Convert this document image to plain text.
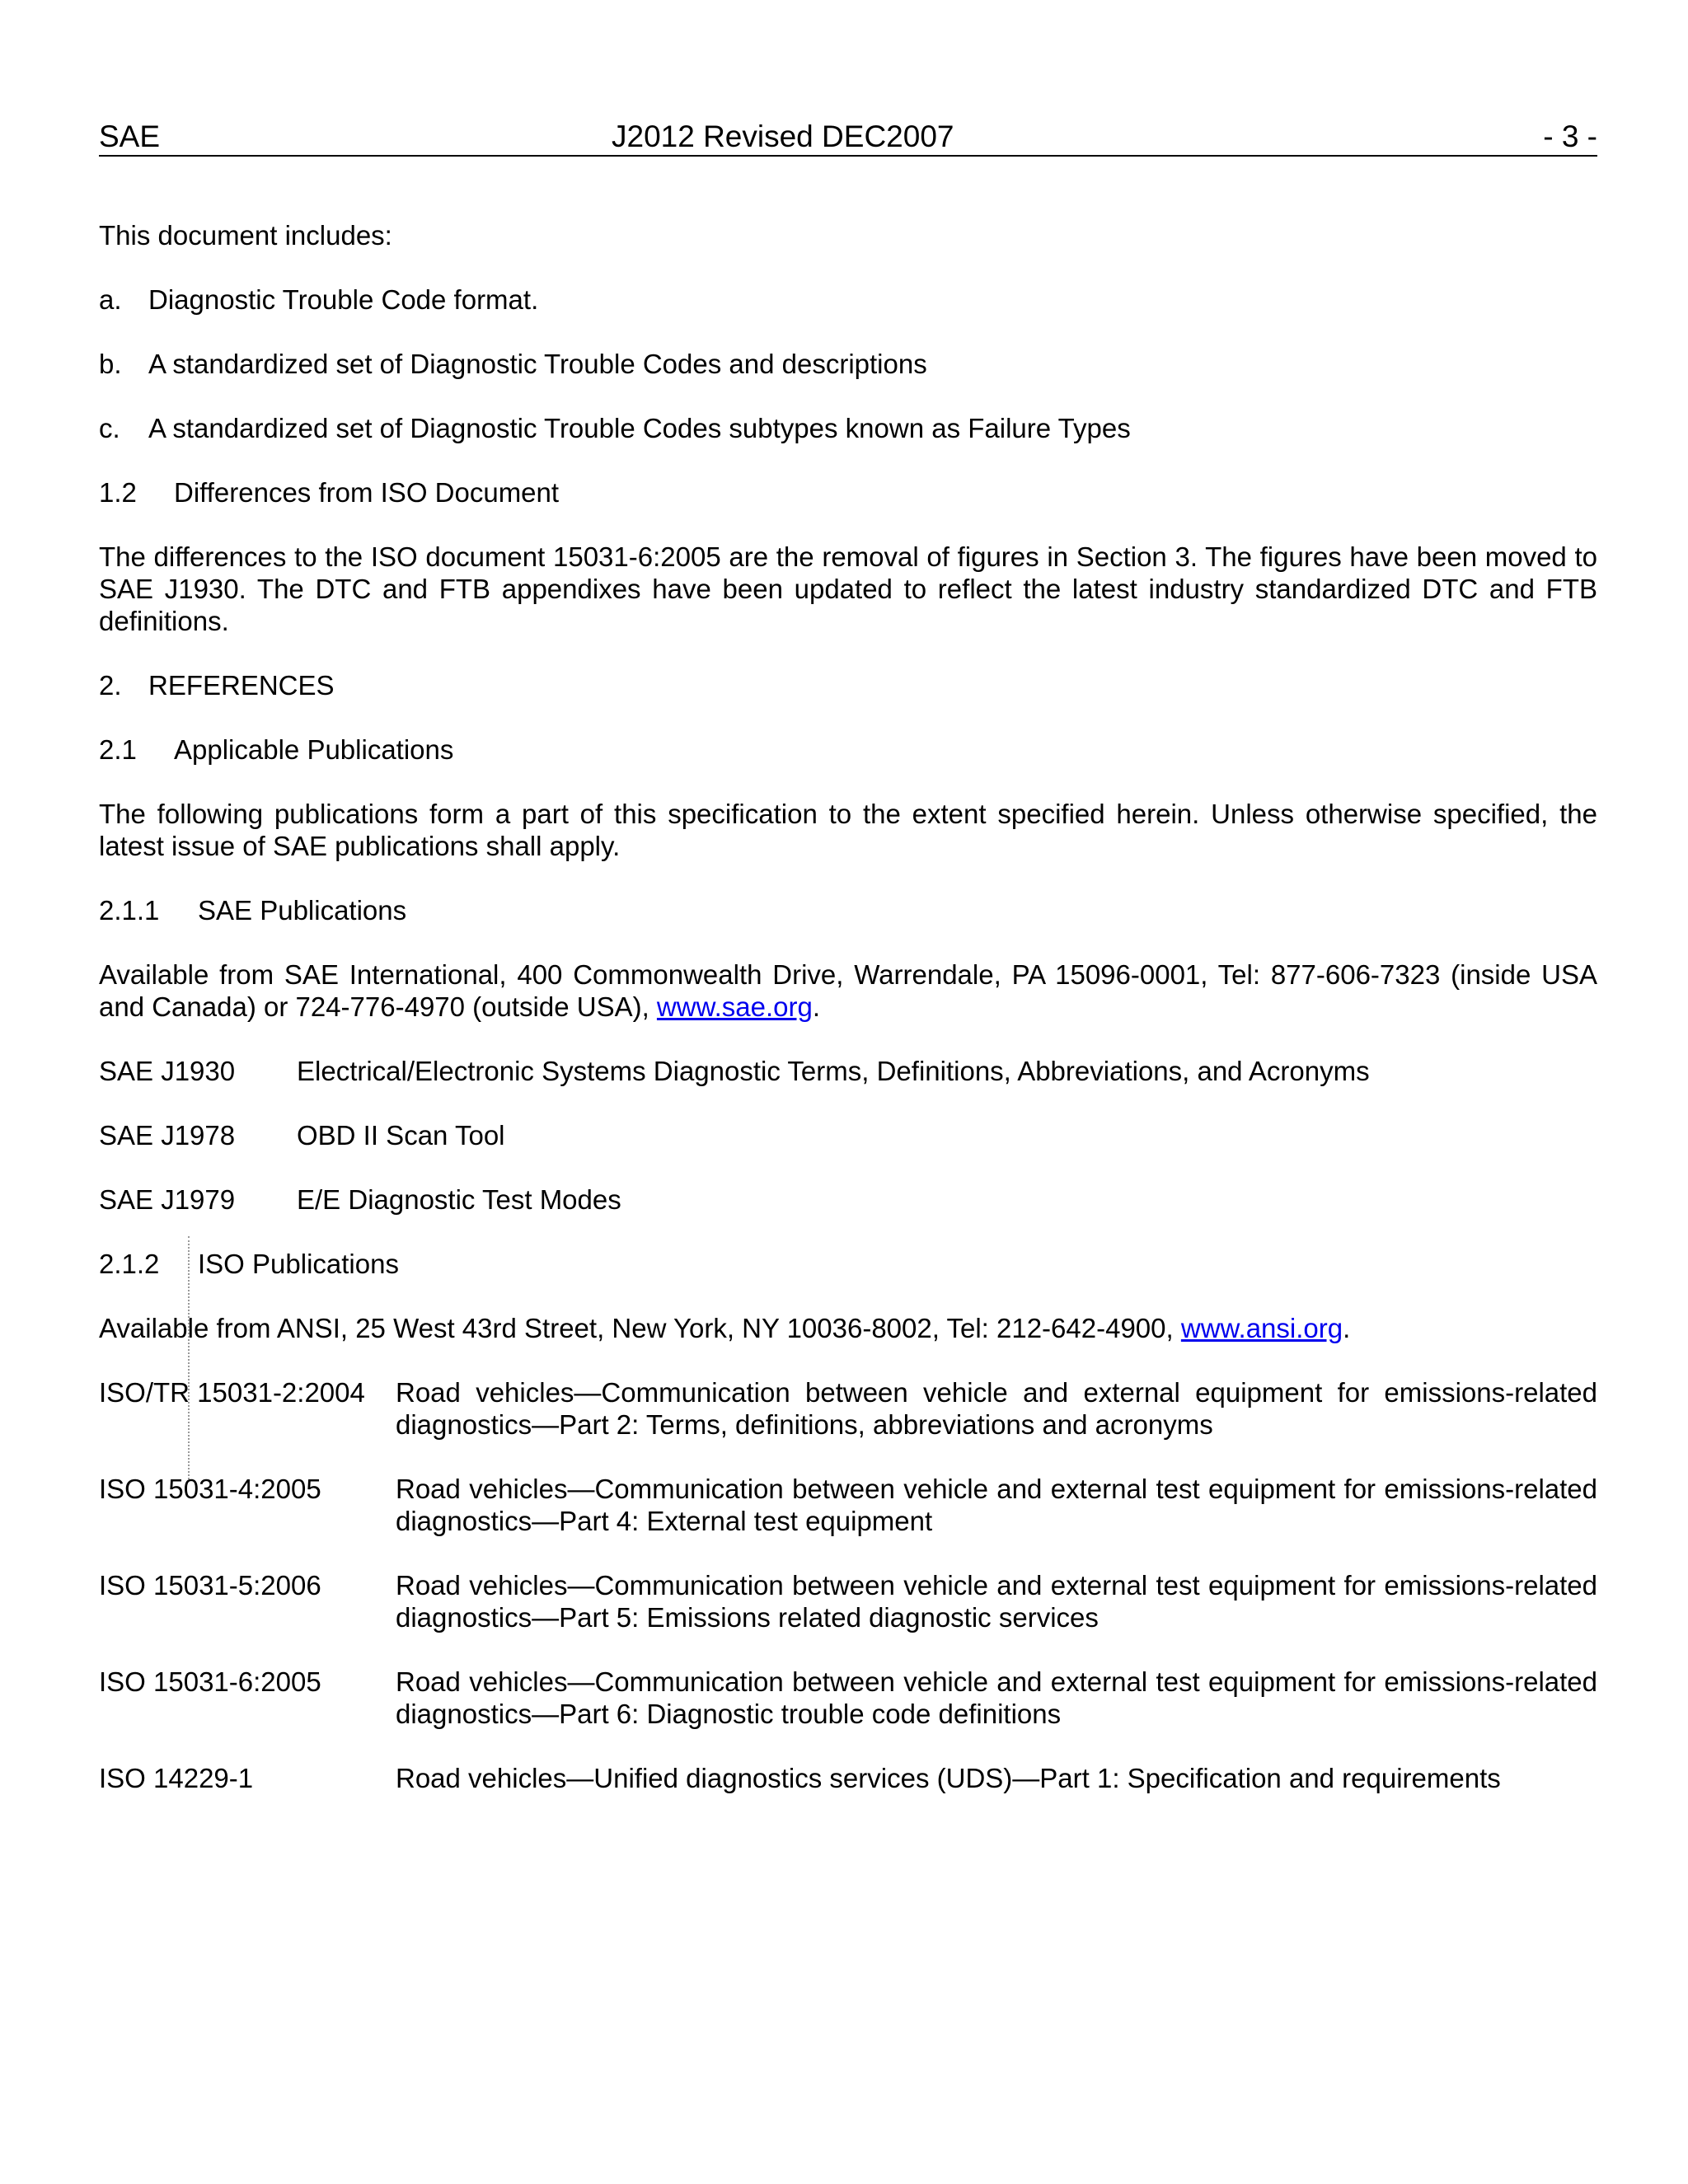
SAE	J2012 Revised DEC2007	- 3 -
This document includes:
a. Diagnostic Trouble Code format.
b. A standardized set of Diagnostic Trouble Codes and descriptions
c. A standardized set of Diagnostic Trouble Codes subtypes known as Failure Types
1.2 Differences from ISO Document
The differences to the ISO document 15031-6:2005 are the removal of figures in Section 3. The figures have been moved to SAE J1930. The DTC and FTB appendixes have been updated to reflect the latest industry standardized DTC and FTB definitions.
2. REFERENCES
2.1 Applicable Publications
The following publications form a part of this specification to the extent specified herein. Unless otherwise specified, the latest issue of SAE publications shall apply.
2.1.1 SAE Publications
Available from SAE International, 400 Commonwealth Drive, Warrendale, PA 15096-0001, Tel: 877-606-7323 (inside USA and Canada) or 724-776-4970 (outside USA), www.sae.org.
SAE J1930 Electrical/Electronic Systems Diagnostic Terms, Definitions, Abbreviations, and Acronyms
SAE J1978 OBD II Scan Tool
SAE J1979 E/E Diagnostic Test Modes
2.1.2 ISO Publications
Available from ANSI, 25 West 43rd Street, New York, NY 10036-8002, Tel: 212-642-4900, www.ansi.org.
ISO/TR 15031-2:2004 Road vehicles—Communication between vehicle and external equipment for emissions-related diagnostics—Part 2: Terms, definitions, abbreviations and acronyms
ISO 15031-4:2005	Road vehicles—Communication between vehicle and external test equipment for emissions-related diagnostics—Part 4: External test equipment
ISO 15031-5:2006	Road vehicles—Communication between vehicle and external test equipment for emissions-related diagnostics—Part 5: Emissions related diagnostic services
ISO 15031-6:2005	Road vehicles—Communication between vehicle and external test equipment for emissions-related diagnostics—Part 6: Diagnostic trouble code definitions
ISO 14229-1	Road vehicles—Unified diagnostics services (UDS)—Part 1: Specification and requirements
